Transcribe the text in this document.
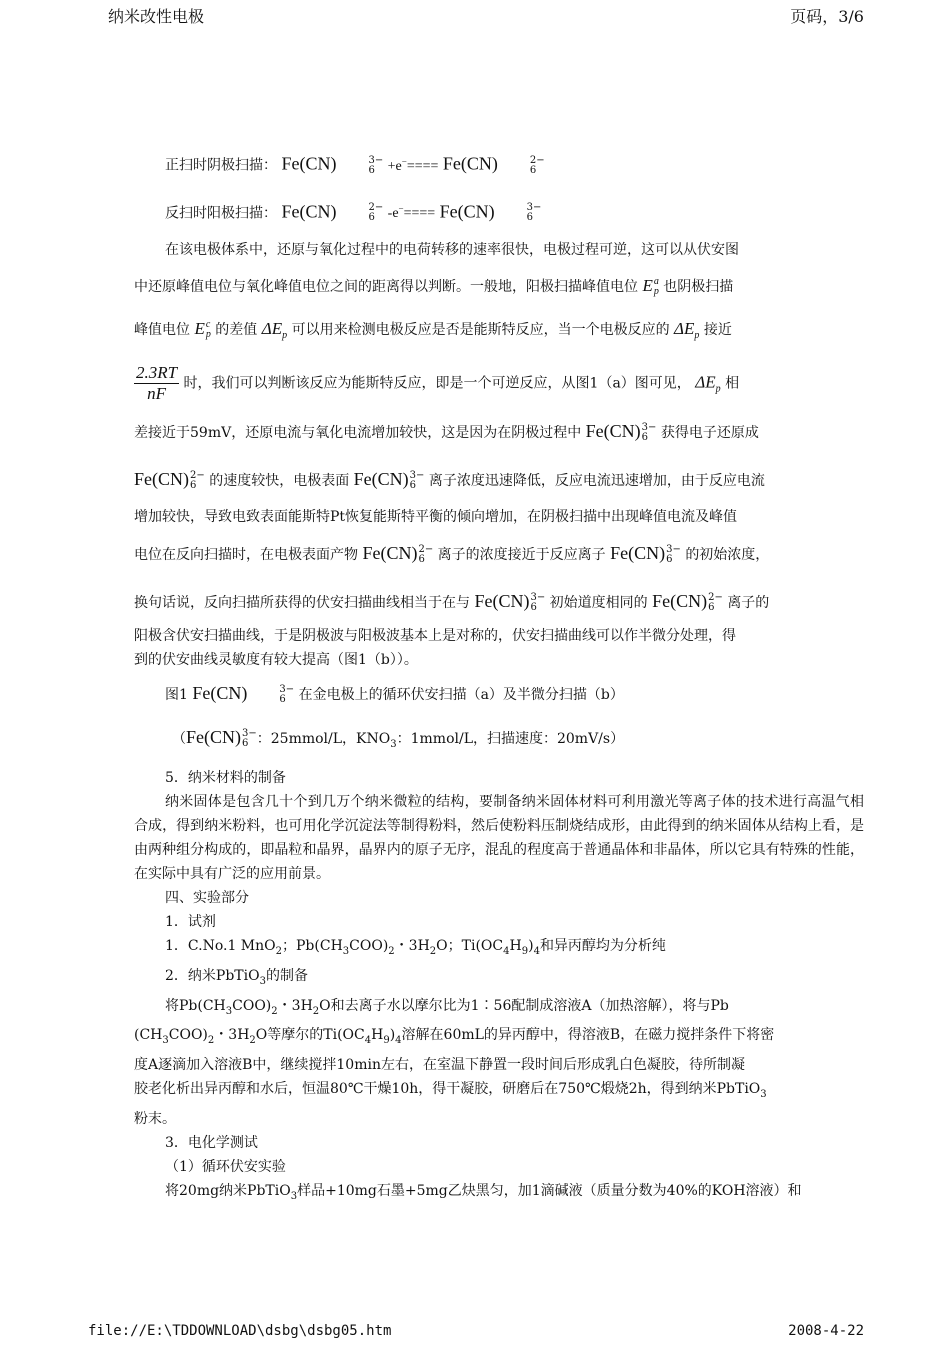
纳米改性电极	页码，3/6
正扫时阴极扫描： Fe(CN)	3−
6 +e−==== Fe(CN)	2−
6
反扫时阳极扫描： Fe(CN)	2−
6 -e−==== Fe(CN)	3−
6
在该电极体系中，还原与氧化过程中的电荷转移的速率很快，电极过程可逆，这可以从伏安图
中还原峰值电位与氧化峰值电位之间的距离得以判断。一般地，阳极扫描峰值电位 E a
p 也阴极扫描
峰值电位 E c
p 的差值 $\Delta E_p$ 可以用来检测电极反应是否是能斯特反应，当一个电极反应的 $\Delta E_p$ 接近
$\frac{2.3RT}{nF}$ 时，我们可以判断该反应为能斯特反应，即是一个可逆反应，从图1（a）图可见， $\Delta E_p$ 相
差接近于59mV，还原电流与氧化电流增加较快，这是因为在阴极过程中 Fe(CN) 3−
6 获得电子还原成
Fe(CN) 2−
6 的速度较快，电极表面 Fe(CN) 3−
6 离子浓度迅速降低，反应电流迅速增加，由于反应电流
增加较快，导致电致表面能斯特Pt恢复能斯特平衡的倾向增加，在阴极扫描中出现峰值电流及峰值
电位在反向扫描时，在电极表面产物 Fe(CN) 2−
6 离子的浓度接近于反应离子 Fe(CN) 3−
6 的初始浓度，
换句话说，反向扫描所获得的伏安扫描曲线相当于在与 Fe(CN) 3−
6 初始道度相同的 Fe(CN) 2−
6 离子的
阳极含伏安扫描曲线，于是阴极波与阳极波基本上是对称的，伏安扫描曲线可以作半微分处理，得
到的伏安曲线灵敏度有较大提高（图1（b））。
图1 Fe(CN)	3−
6 在金电极上的循环伏安扫描（a）及半微分扫描（b）
（Fe(CN) 3−
6 ：25mmol/L，$KNO_3$：1mmol/L，扫描速度：20mV/s）
5．纳米材料的制备
纳米固体是包含几十个到几万个纳米微粒的结构，要制备纳米固体材料可利用激光等离子体的技术进行高温气相合成，得到纳米粉料，也可用化学沉淀法等制得粉料，然后使粉料压制烧结成形，由此得到的纳米固体从结构上看，是由两种组分构成的，即晶粒和晶界，晶界内的原子无序，混乱的程度高于普通晶体和非晶体，所以它具有特殊的性能，在实际中具有广泛的应用前景。
四、实验部分
1．试剂
1．C.No.1 MnO$_2$；$Pb(CH_3COO)_2$・$3H_2O$；$Ti(OC_4H_9)_4$和异丙醇均为分析纯
2．纳米PbTiO$_3$的制备
将$Pb(CH_3COO)_2$・$3H_2O$和去离子水以摩尔比为1∶56配制成溶液A（加热溶解），将与Pb
$(CH_3COO)_2$・$3H_2O$等摩尔的$Ti(OC_4H_9)_4$溶解在60mL的异丙醇中，得溶液B，在磁力搅拌条件下将密
度A逐滴加入溶液B中，继续搅拌10min左右，在室温下静置一段时间后形成乳白色凝胶，待所制凝
胶老化析出异丙醇和水后，恒温80℃干燥10h，得干凝胶，研磨后在750℃煅烧2h，得到纳米PbTiO$_3$
粉末。
3．电化学测试
（1）循环伏安实验
将20mg纳米PbTiO$_3$样品+10mg石墨+5mg乙炔黑匀，加1滴碱液（质量分数为40%的KOH溶液）和
file://E:\TDDOWNLOAD\dsbg\dsbg05.htm	2008-4-22
